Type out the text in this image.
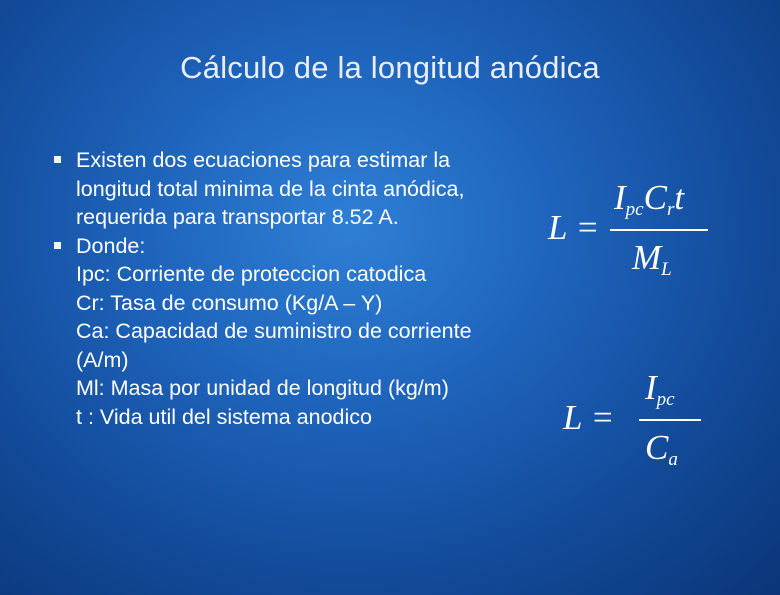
Cálculo de la longitud anódica
Existen dos ecuaciones para estimar la longitud total minima de la cinta anódica, requerida para transportar 8.52 A.
Donde:
Ipc: Corriente de proteccion catodica
Cr: Tasa de consumo (Kg/A – Y)
Ca: Capacidad de suministro de corriente (A/m)
Ml: Masa por unidad de longitud (kg/m)
t : Vida util del sistema anodico
L =
$I_{pc}C_rt$
$M_L$
L =
$I_{pc}$
$C_a$
